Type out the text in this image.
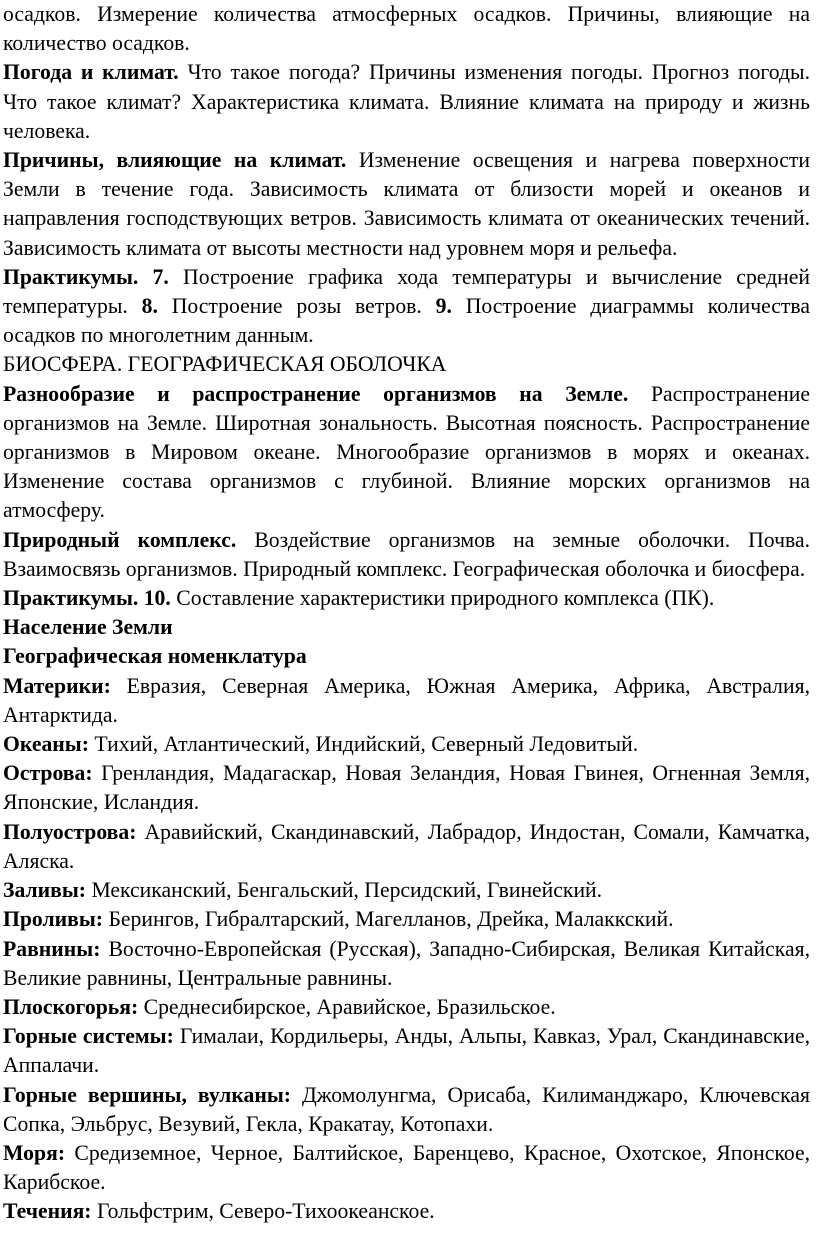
осадков. Измерение количества атмосферных осадков. Причины, влияющие на количество осадков.

Погода и климат. Что такое погода? Причины изменения погоды. Прогноз погоды. Что такое климат? Характеристика климата. Влияние климата на природу и жизнь человека.

Причины, влияющие на климат. Изменение освещения и нагрева поверхности Земли в течение года. Зависимость климата от близости морей и океанов и направления господствующих ветров. Зависимость климата от океанических течений. Зависимость климата от высоты местности над уровнем моря и рельефа.

Практикумы. 7. Построение графика хода температуры и вычисление средней температуры. 8. Построение розы ветров. 9. Построение диаграммы количества осадков по многолетним данным.

БИОСФЕРА. ГЕОГРАФИЧЕСКАЯ ОБОЛОЧКА

Разнообразие и распространение организмов на Земле. Распространение организмов на Земле. Широтная зональность. Высотная поясность. Распространение организмов в Мировом океане. Многообразие организмов в морях и океанах. Изменение состава организмов с глубиной. Влияние морских организмов на атмосферу.

Природный комплекс. Воздействие организмов на земные оболочки. Почва. Взаимосвязь организмов. Природный комплекс. Географическая оболочка и биосфера.

Практикумы. 10. Составление характеристики природного комплекса (ПК).

Население Земли

Географическая номенклатура

Материки: Евразия, Северная Америка, Южная Америка, Африка, Австралия, Антарктида.

Океаны: Тихий, Атлантический, Индийский, Северный Ледовитый.

Острова: Гренландия, Мадагаскар, Новая Зеландия, Новая Гвинея, Огненная Земля, Японские, Исландия.

Полуострова: Аравийский, Скандинавский, Лабрадор, Индостан, Сомали, Камчатка, Аляска.

Заливы: Мексиканский, Бенгальский, Персидский, Гвинейский.

Проливы: Берингов, Гибралтарский, Магелланов, Дрейка, Малаккский.

Равнины: Восточно-Европейская (Русская), Западно-Сибирская, Великая Китайская, Великие равнины, Центральные равнины.

Плоскогорья: Среднесибирское, Аравийское, Бразильское.

Горные системы: Гималаи, Кордильеры, Анды, Альпы, Кавказ, Урал, Скандинавские, Аппалачи.

Горные вершины, вулканы: Джомолунгма, Орисаба, Килиманджаро, Ключевская Сопка, Эльбрус, Везувий, Гекла, Кракатау, Котопахи.

Моря: Средиземное, Черное, Балтийское, Баренцево, Красное, Охотское, Японское, Карибское.

Течения: Гольфстрим, Северо-Тихоокеанское.
